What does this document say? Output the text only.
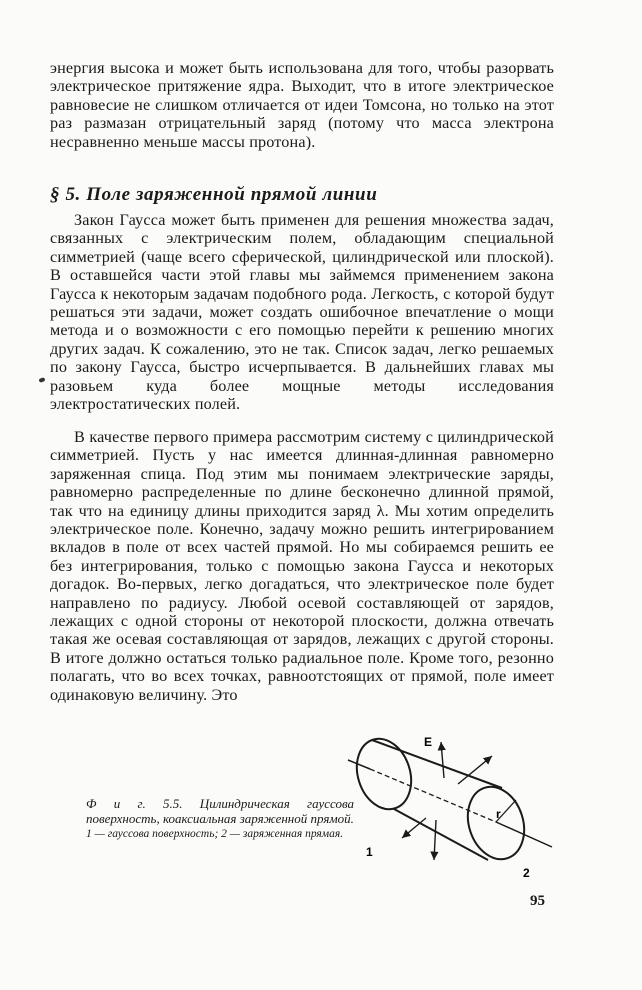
энергия высока и может быть использована для того, чтобы разорвать электрическое притяжение ядра. Выходит, что в итоге электрическое равновесие не слишком отличается от идеи Томсона, но только на этот раз размазан отрицательный заряд (потому что масса электрона несравненно меньше массы протона).

§ 5. Поле заряженной прямой линии

Закон Гаусса может быть применен для решения множества задач, связанных с электрическим полем, обладающим специальной симметрией (чаще всего сферической, цилиндрической или плоской). В оставшейся части этой главы мы займемся применением закона Гаусса к некоторым задачам подобного рода. Легкость, с которой будут решаться эти задачи, может создать ошибочное впечатление о мощи метода и о возможности с его помощью перейти к решению многих других задач. К сожалению, это не так. Список задач, легко решаемых по закону Гаусса, быстро исчерпывается. В дальнейших главах мы разовьем куда более мощные методы исследования электростатических полей.

В качестве первого примера рассмотрим систему с цилиндрической симметрией. Пусть у нас имеется длинная-длинная равномерно заряженная спица. Под этим мы понимаем электрические заряды, равномерно распределенные по длине бесконечно длинной прямой, так что на единицу длины приходится заряд λ. Мы хотим определить электрическое поле. Конечно, задачу можно решить интегрированием вкладов в поле от всех частей прямой. Но мы собираемся решить ее без интегрирования, только с помощью закона Гаусса и некоторых догадок. Во-первых, легко догадаться, что электрическое поле будет направлено по радиусу. Любой осевой составляющей от зарядов, лежащих с одной стороны от некоторой плоскости, должна отвечать такая же осевая составляющая от зарядов, лежащих с другой стороны. В итоге должно остаться только радиальное поле. Кроме того, резонно полагать, что во всех точках, равноотстоящих от прямой, поле имеет одинаковую величину. Это

Ф и г. 5.5. Цилиндрическая гауссова поверхность, коаксиальная заряженной прямой.

1 — гауссова поверхность; 2 — заряженная прямая.

E
r
1
2
95
